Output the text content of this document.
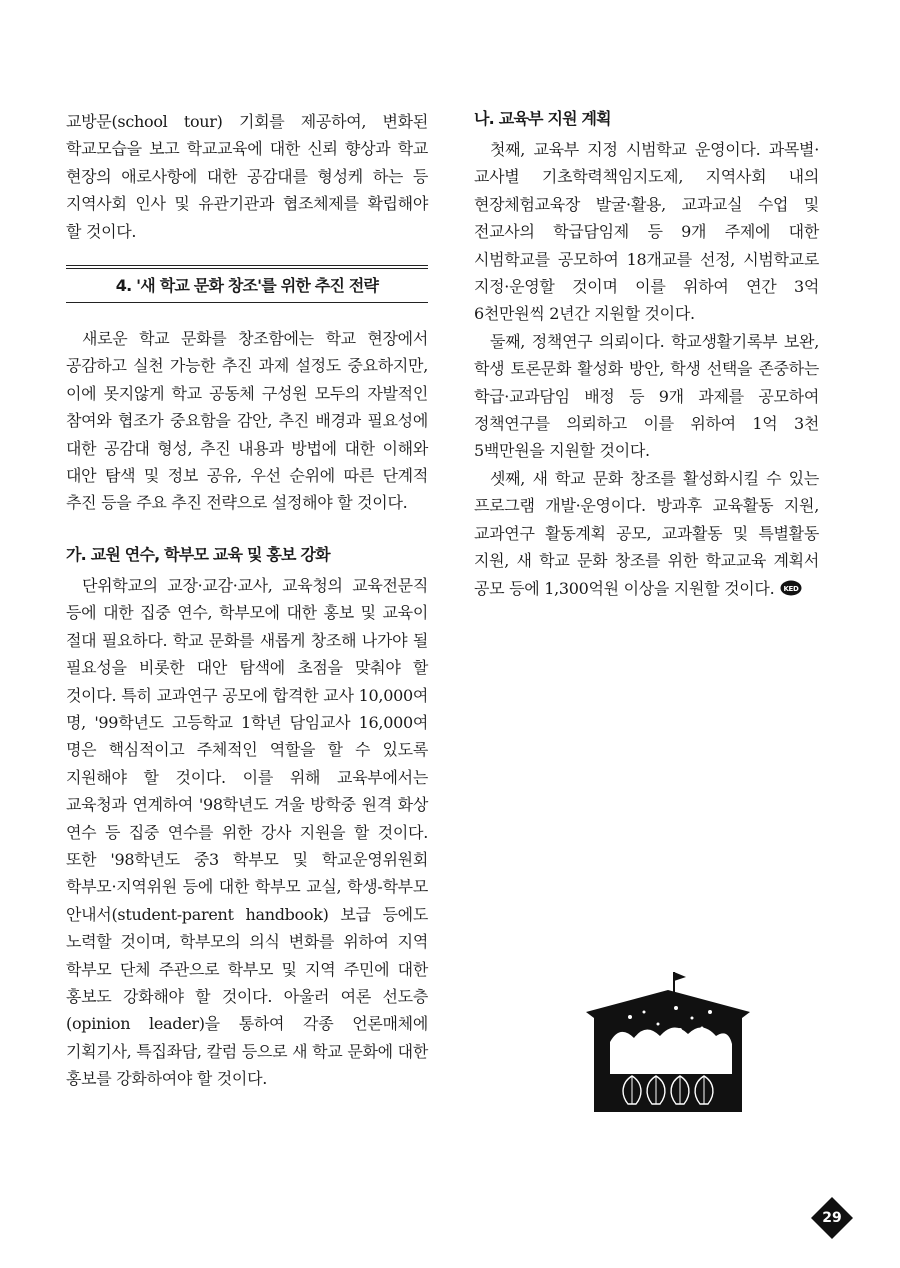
교방문(school tour) 기회를 제공하여, 변화된 학교모습을 보고 학교교육에 대한 신뢰 향상과 학교 현장의 애로사항에 대한 공감대를 형성케 하는 등 지역사회 인사 및 유관기관과 협조체제를 확립해야 할 것이다.

4. '새 학교 문화 창조'를 위한 추진 전략

새로운 학교 문화를 창조함에는 학교 현장에서 공감하고 실천 가능한 추진 과제 설정도 중요하지만, 이에 못지않게 학교 공동체 구성원 모두의 자발적인 참여와 협조가 중요함을 감안, 추진 배경과 필요성에 대한 공감대 형성, 추진 내용과 방법에 대한 이해와 대안 탐색 및 정보 공유, 우선 순위에 따른 단계적 추진 등을 주요 추진 전략으로 설정해야 할 것이다.

가. 교원 연수, 학부모 교육 및 홍보 강화

단위학교의 교장·교감·교사, 교육청의 교육전문직 등에 대한 집중 연수, 학부모에 대한 홍보 및 교육이 절대 필요하다. 학교 문화를 새롭게 창조해 나가야 될 필요성을 비롯한 대안 탐색에 초점을 맞춰야 할 것이다. 특히 교과연구 공모에 합격한 교사 10,000여 명, '99학년도 고등학교 1학년 담임교사 16,000여 명은 핵심적이고 주체적인 역할을 할 수 있도록 지원해야 할 것이다. 이를 위해 교육부에서는 교육청과 연계하여 '98학년도 겨울 방학중 원격 화상 연수 등 집중 연수를 위한 강사 지원을 할 것이다. 또한 '98학년도 중3 학부모 및 학교운영위원회 학부모·지역위원 등에 대한 학부모 교실, 학생-학부모 안내서(student-parent handbook) 보급 등에도 노력할 것이며, 학부모의 의식 변화를 위하여 지역 학부모 단체 주관으로 학부모 및 지역 주민에 대한 홍보도 강화해야 할 것이다. 아울러 여론 선도층(opinion leader)을 통하여 각종 언론매체에 기획기사, 특집좌담, 칼럼 등으로 새 학교 문화에 대한 홍보를 강화하여야 할 것이다.

나. 교육부 지원 계획

첫째, 교육부 지정 시범학교 운영이다. 과목별·교사별 기초학력책임지도제, 지역사회 내의 현장체험교육장 발굴·활용, 교과교실 수업 및 전교사의 학급담임제 등 9개 주제에 대한 시범학교를 공모하여 18개교를 선정, 시범학교로 지정·운영할 것이며 이를 위하여 연간 3억 6천만원씩 2년간 지원할 것이다.

둘째, 정책연구 의뢰이다. 학교생활기록부 보완, 학생 토론문화 활성화 방안, 학생 선택을 존중하는 학급·교과담임 배정 등 9개 과제를 공모하여 정책연구를 의뢰하고 이를 위하여 1억 3천 5백만원을 지원할 것이다.

셋째, 새 학교 문화 창조를 활성화시킬 수 있는 프로그램 개발·운영이다. 방과후 교육활동 지원, 교과연구 활동계획 공모, 교과활동 및 특별활동 지원, 새 학교 문화 창조를 위한 학교교육 계획서 공모 등에 1,300억원 이상을 지원할 것이다. KED

29
